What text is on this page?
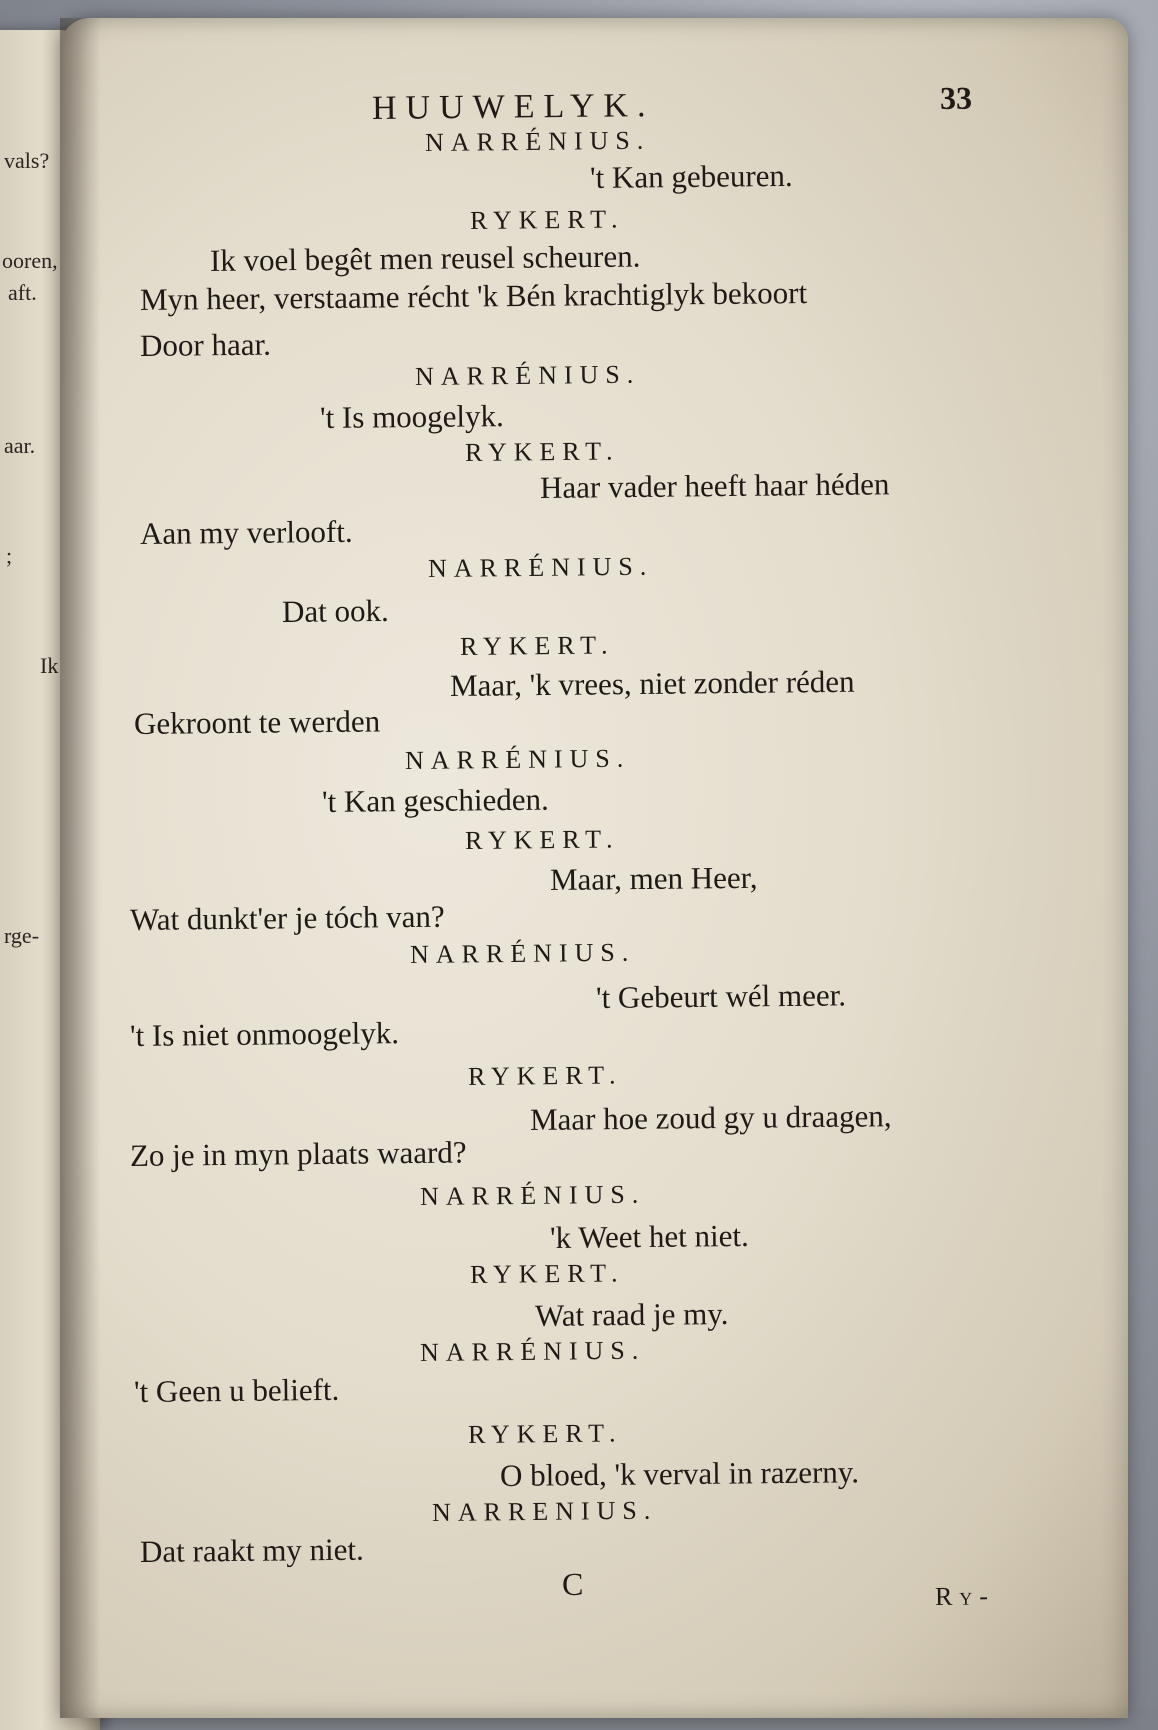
vals?
ooren,
aft.
aar.
;
Ik
rge-
HUUWELYK.	33
NARRÉNIUS.
't Kan gebeuren.
RYKERT.
Ik voel begêt men reusel scheuren.
Myn heer, verstaame récht 'k Bén krachtiglyk bekoort
Door haar.
NARRÉNIUS.
't Is moogelyk.
RYKERT.
Haar vader heeft haar héden
Aan my verlooft.
NARRÉNIUS.
Dat ook.
RYKERT.
Maar, 'k vrees, niet zonder réden
Gekroont te werden
NARRÉNIUS.
't Kan geschieden.
RYKERT.
Maar, men Heer,
Wat dunkt'er je tóch van?
NARRÉNIUS.
't Gebeurt wél meer.
't Is niet onmoogelyk.
RYKERT.
Maar hoe zoud gy u draagen,
Zo je in myn plaats waard?
NARRÉNIUS.
'k Weet het niet.
RYKERT.
Wat raad je my.
NARRÉNIUS.
't Geen u belieft.
RYKERT.
O bloed, 'k verval in razerny.
NARRENIUS.
Dat raakt my niet.
C	Ry-
